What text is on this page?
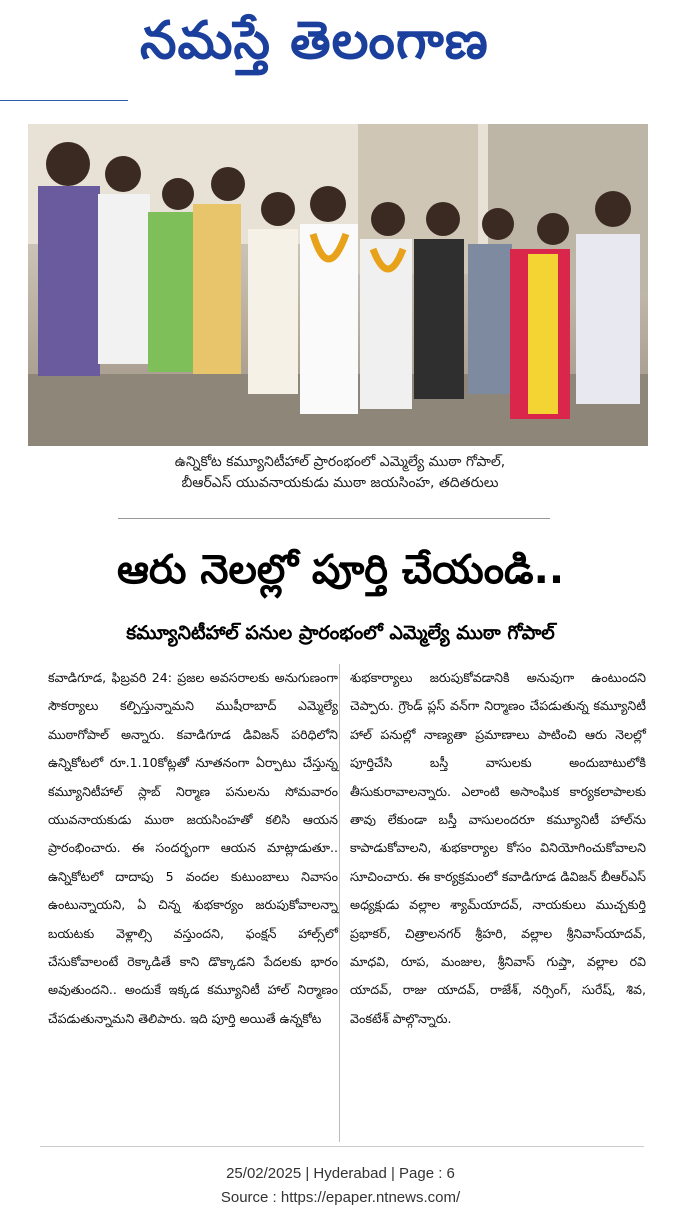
నమస్తే తెలంగాణ
ఉన్నికోట కమ్యూనిటీహాల్ ప్రారంభంలో ఎమ్మెల్యే ముఠా గోపాల్,
బీఆర్ఎస్ యువనాయకుడు ముఠా జయసింహ, తదితరులు
ఆరు నెలల్లో పూర్తి చేయండి..
కమ్యూనిటీహాల్ పనుల ప్రారంభంలో ఎమ్మెల్యే ముఠా గోపాల్
కవాడిగూడ, ఫిబ్రవరి 24: ప్రజల అవసరాలకు అనుగుణంగా సౌకర్యాలు కల్పిస్తున్నామని ముషీరాబాద్ ఎమ్మెల్యే ముఠాగోపాల్ అన్నారు. కవాడిగూడ డివిజన్ పరిధిలోని ఉన్నికోటలో రూ.1.10కోట్లతో నూతనంగా ఏర్పాటు చేస్తున్న కమ్యూనిటీహాల్ స్లాబ్ నిర్మాణ పనులను సోమవారం యువనాయకుడు ముఠా జయసింహతో కలిసి ఆయన ప్రారంభించారు. ఈ సందర్భంగా ఆయన మాట్లాడుతూ.. ఉన్నికోటలో దాదాపు 5 వందల కుటుంబాలు నివాసం ఉంటున్నాయని, ఏ చిన్న శుభకార్యం జరుపుకోవాలన్నా బయటకు వెళ్లాల్సి వస్తుందని, ఫంక్షన్ హాల్స్‌లో చేసుకోవాలంటే రెక్కాడితే కాని డొక్కాడని పేదలకు భారం అవుతుందని.. అందుకే ఇక్కడ కమ్యూనిటీ హాల్ నిర్మాణం చేపడుతున్నామని తెలిపారు. ఇది పూర్తి అయితే ఉన్నకోట
శుభకార్యాలు జరుపుకోవడానికి అనువుగా ఉంటుందని చెప్పారు. గ్రౌండ్ ప్లస్ వన్‌గా నిర్మాణం చేపడుతున్న కమ్యూనిటీ హాల్ పనుల్లో నాణ్యతా ప్రమాణాలు పాటించి ఆరు నెలల్లో పూర్తిచేసి బస్తీ వాసులకు అందుబాటులోకి తీసుకురావాలన్నారు. ఎలాంటి అసాంఘిక కార్యకలాపాలకు తావు లేకుండా బస్తీ వాసులందరూ కమ్యూనిటీ హాల్‌ను కాపాడుకోవాలని, శుభకార్యాల కోసం వినియోగించుకోవాలని సూచించారు. ఈ కార్యక్రమంలో కవాడిగూడ డివిజన్ బీఆర్ఎస్ అధ్యక్షుడు వల్లాల శ్యామ్‌యాదవ్, నాయకులు ముచ్చకుర్తి ప్రభాకర్, చిత్రాలనగర్ శ్రీహరి, వల్లాల శ్రీనివాస్‌యాదవ్, మాధవి, రూప, మంజుల, శ్రీనివాస్ గుప్తా, వల్లాల రవి యాదవ్, రాజు యాదవ్, రాజేశ్, నర్సింగ్, సురేష్, శివ, వెంకటేశ్ పాల్గొన్నారు.
25/02/2025 | Hyderabad | Page : 6
Source : https://epaper.ntnews.com/
